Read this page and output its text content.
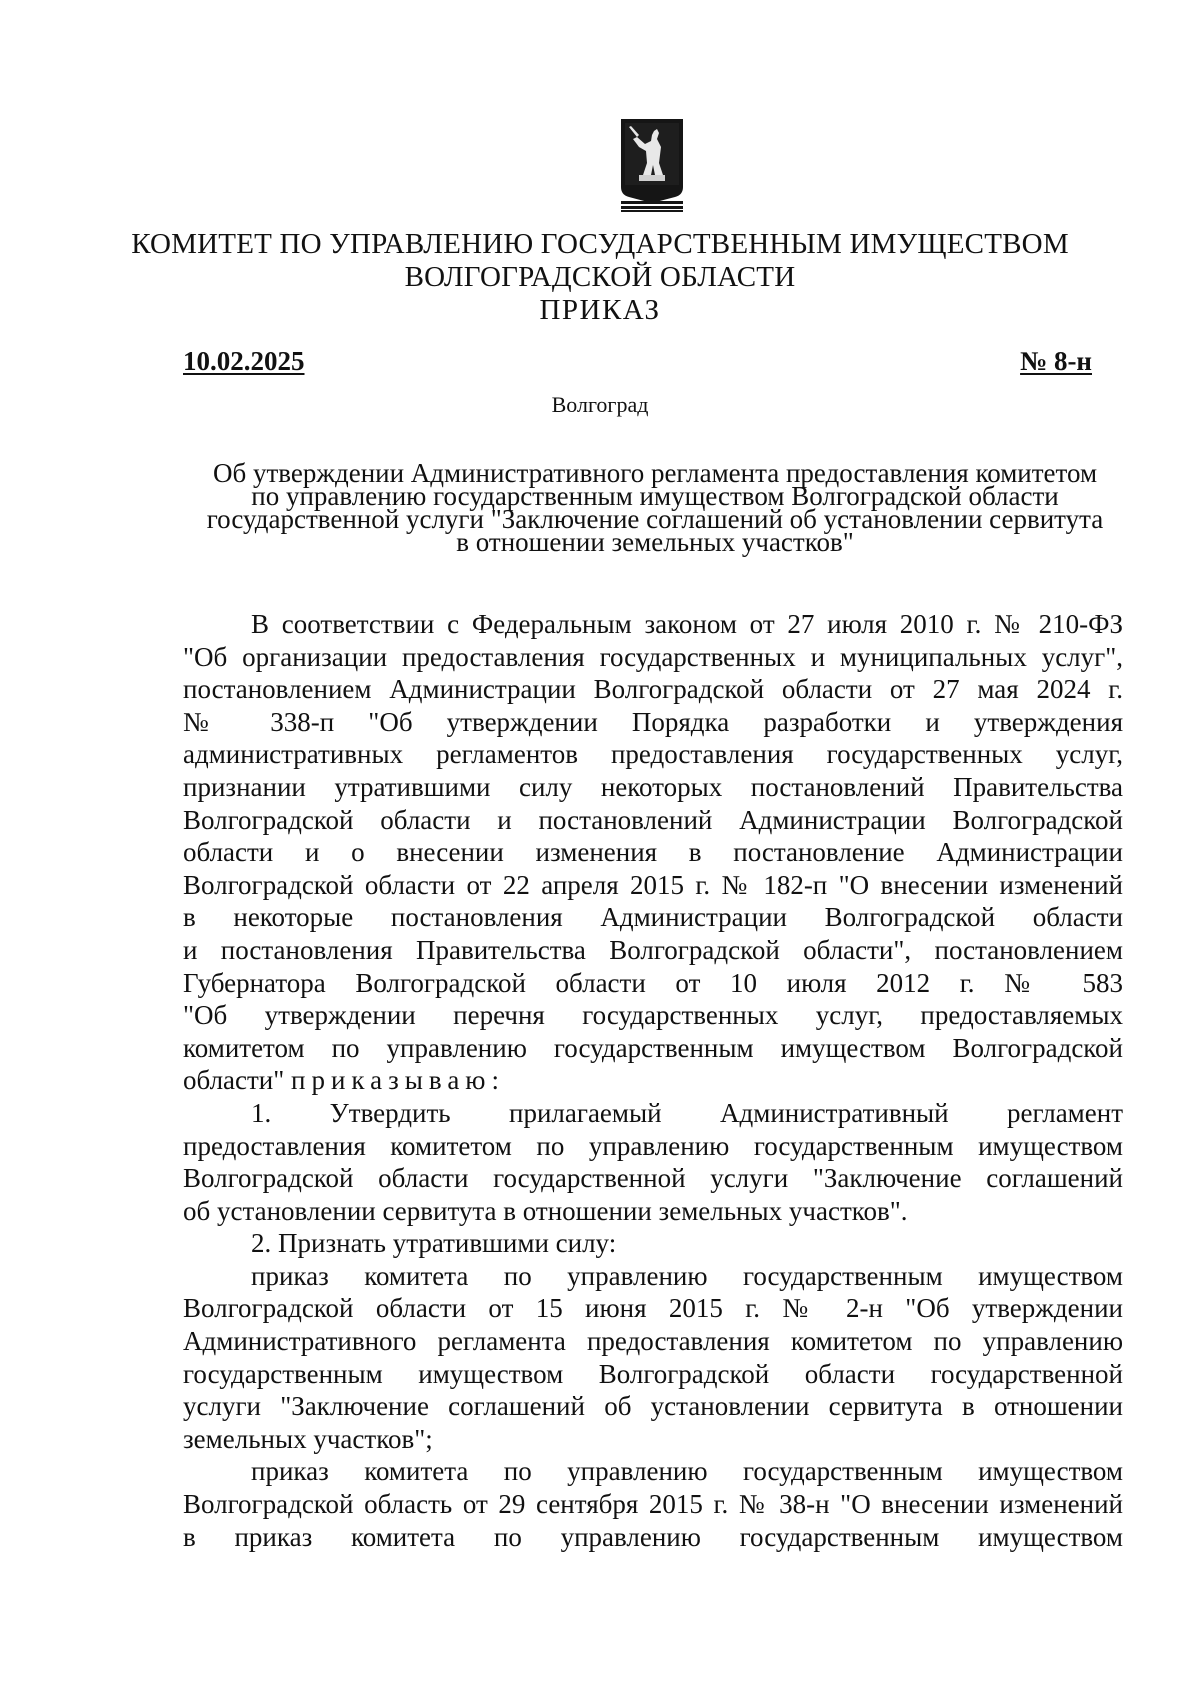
КОМИТЕТ ПО УПРАВЛЕНИЮ ГОСУДАРСТВЕННЫМ ИМУЩЕСТВОМ
ВОЛГОГРАДСКОЙ ОБЛАСТИ
ПРИКАЗ
10.02.2025	№ 8-н
Волгоград
Об утверждении Административного регламента предоставления комитетом
по управлению государственным имуществом Волгоградской области
государственной услуги "Заключение соглашений об установлении сервитута
в отношении земельных участков"
В соответствии с Федеральным законом от 27 июля 2010 г. № 210-ФЗ
"Об организации предоставления государственных и муниципальных услуг",
постановлением Администрации Волгоградской области от 27 мая 2024 г.
№ 338-п "Об утверждении Порядка разработки и утверждения
административных регламентов предоставления государственных услуг,
признании утратившими силу некоторых постановлений Правительства
Волгоградской области и постановлений Администрации Волгоградской
области и о внесении изменения в постановление Администрации
Волгоградской области от 22 апреля 2015 г. № 182-п "О внесении изменений
в некоторые постановления Администрации Волгоградской области
и постановления Правительства Волгоградской области", постановлением
Губернатора Волгоградской области от 10 июля 2012 г. № 583
"Об утверждении перечня государственных услуг, предоставляемых
комитетом по управлению государственным имуществом Волгоградской
области" приказываю:
1. Утвердить прилагаемый Административный регламент
предоставления комитетом по управлению государственным имуществом
Волгоградской области государственной услуги "Заключение соглашений
об установлении сервитута в отношении земельных участков".
2. Признать утратившими силу:
приказ комитета по управлению государственным имуществом
Волгоградской области от 15 июня 2015 г. № 2-н "Об утверждении
Административного регламента предоставления комитетом по управлению
государственным имуществом Волгоградской области государственной
услуги "Заключение соглашений об установлении сервитута в отношении
земельных участков";
приказ комитета по управлению государственным имуществом
Волгоградской область от 29 сентября 2015 г. № 38-н "О внесении изменений
в приказ комитета по управлению государственным имуществом
